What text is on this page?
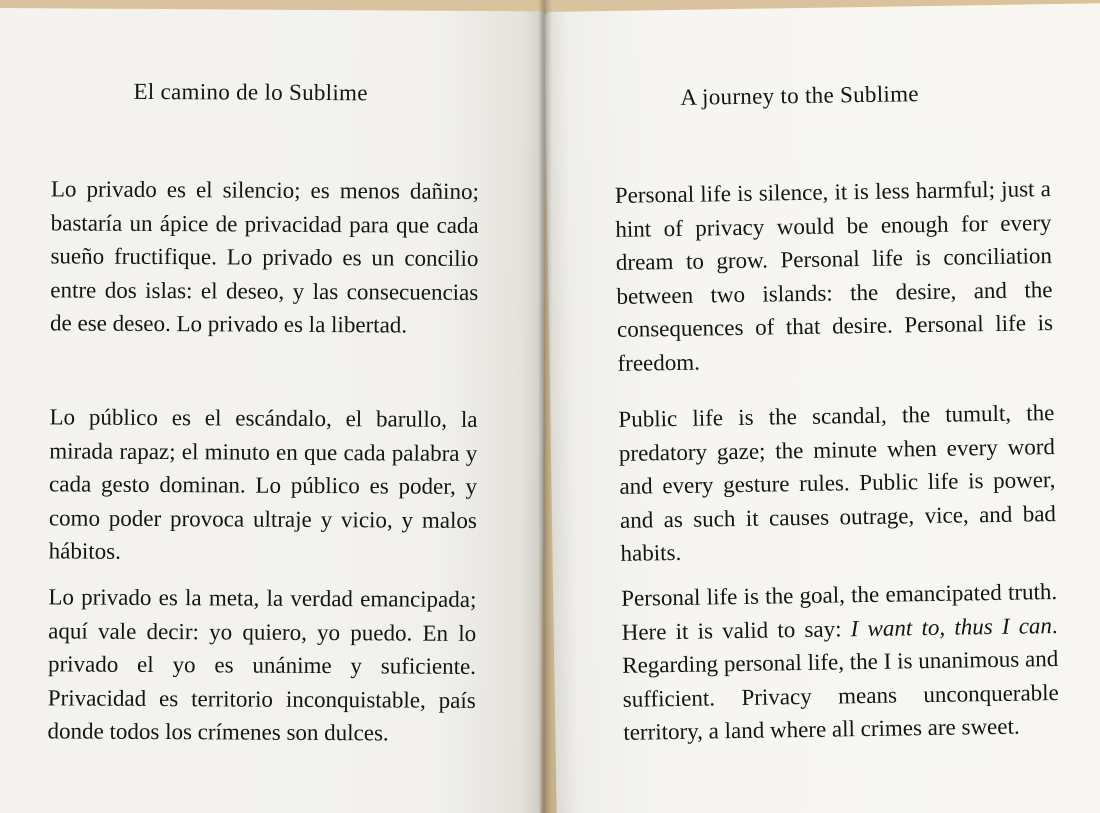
El camino de lo Sublime
Lo privado es el silencio; es menos dañino; bastaría un ápice de privacidad para que cada sueño fructifique. Lo privado es un concilio entre dos islas: el deseo, y las consecuencias de ese deseo. Lo privado es la libertad.
Lo público es el escándalo, el barullo, la mirada rapaz; el minuto en que cada palabra y cada gesto dominan. Lo público es poder, y como poder provoca ultraje y vicio, y malos hábitos.
Lo privado es la meta, la verdad emancipada; aquí vale decir: yo quiero, yo puedo. En lo privado el yo es unánime y suficiente. Privacidad es territorio inconquistable, país donde todos los crímenes son dulces.
A journey to the Sublime
Personal life is silence, it is less harmful; just a hint of privacy would be enough for every dream to grow. Personal life is conciliation between two islands: the desire, and the consequences of that desire. Personal life is freedom.
Public life is the scandal, the tumult, the predatory gaze; the minute when every word and every gesture rules. Public life is power, and as such it causes outrage, vice, and bad habits.
Personal life is the goal, the emancipated truth. Here it is valid to say: I want to, thus I can. Regarding personal life, the I is unanimous and sufficient. Privacy means unconquerable territory, a land where all crimes are sweet.
